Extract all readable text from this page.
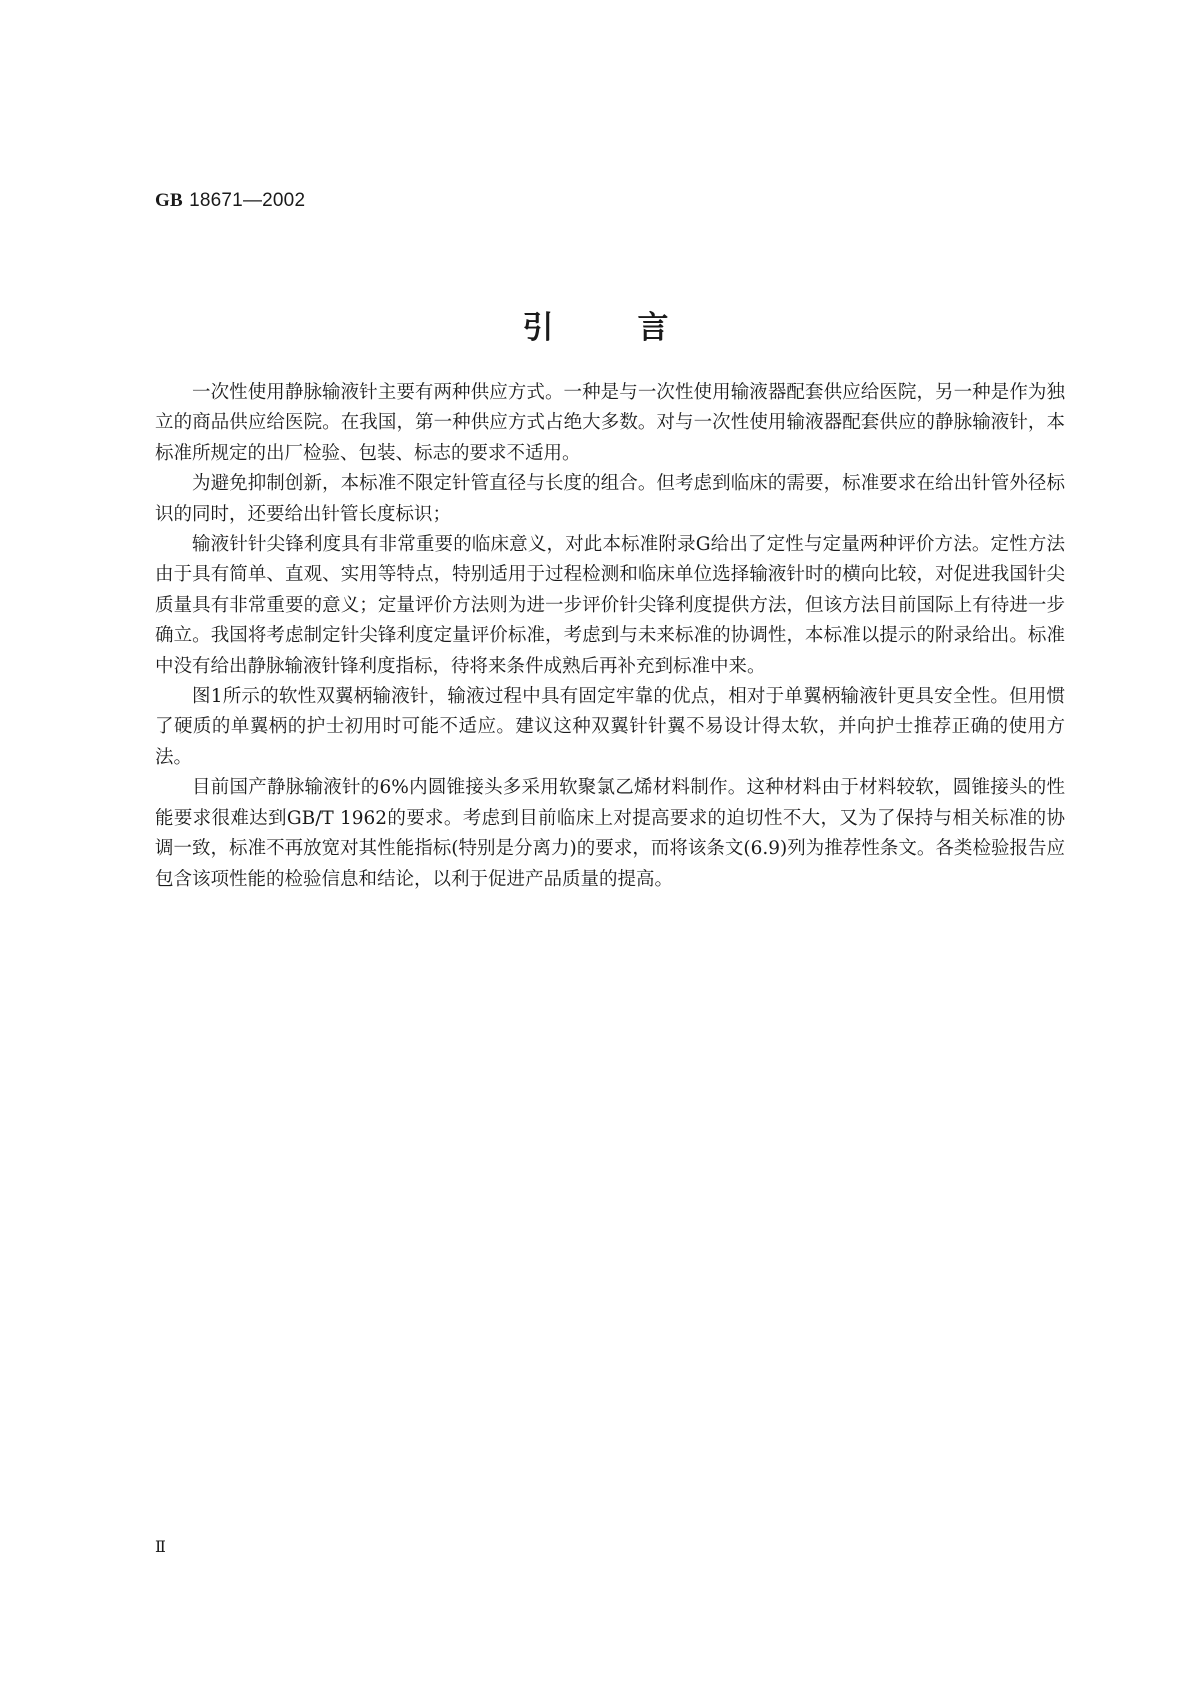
GB 18671—2002
引言

一次性使用静脉输液针主要有两种供应方式。一种是与一次性使用输液器配套供应给医院，另一种是作为独立的商品供应给医院。在我国，第一种供应方式占绝大多数。对与一次性使用输液器配套供应的静脉输液针，本标准所规定的出厂检验、包装、标志的要求不适用。

为避免抑制创新，本标准不限定针管直径与长度的组合。但考虑到临床的需要，标准要求在给出针管外径标识的同时，还要给出针管长度标识；

输液针针尖锋利度具有非常重要的临床意义，对此本标准附录G给出了定性与定量两种评价方法。定性方法由于具有简单、直观、实用等特点，特别适用于过程检测和临床单位选择输液针时的横向比较，对促进我国针尖质量具有非常重要的意义；定量评价方法则为进一步评价针尖锋利度提供方法，但该方法目前国际上有待进一步确立。我国将考虑制定针尖锋利度定量评价标准，考虑到与未来标准的协调性，本标准以提示的附录给出。标准中没有给出静脉输液针锋利度指标，待将来条件成熟后再补充到标准中来。

图1所示的软性双翼柄输液针，输液过程中具有固定牢靠的优点，相对于单翼柄输液针更具安全性。但用惯了硬质的单翼柄的护士初用时可能不适应。建议这种双翼针针翼不易设计得太软，并向护士推荐正确的使用方法。

目前国产静脉输液针的6%内圆锥接头多采用软聚氯乙烯材料制作。这种材料由于材料较软，圆锥接头的性能要求很难达到GB/T 1962的要求。考虑到目前临床上对提高要求的迫切性不大，又为了保持与相关标准的协调一致，标准不再放宽对其性能指标(特别是分离力)的要求，而将该条文(6.9)列为推荐性条文。各类检验报告应包含该项性能的检验信息和结论，以利于促进产品质量的提高。

Ⅱ
